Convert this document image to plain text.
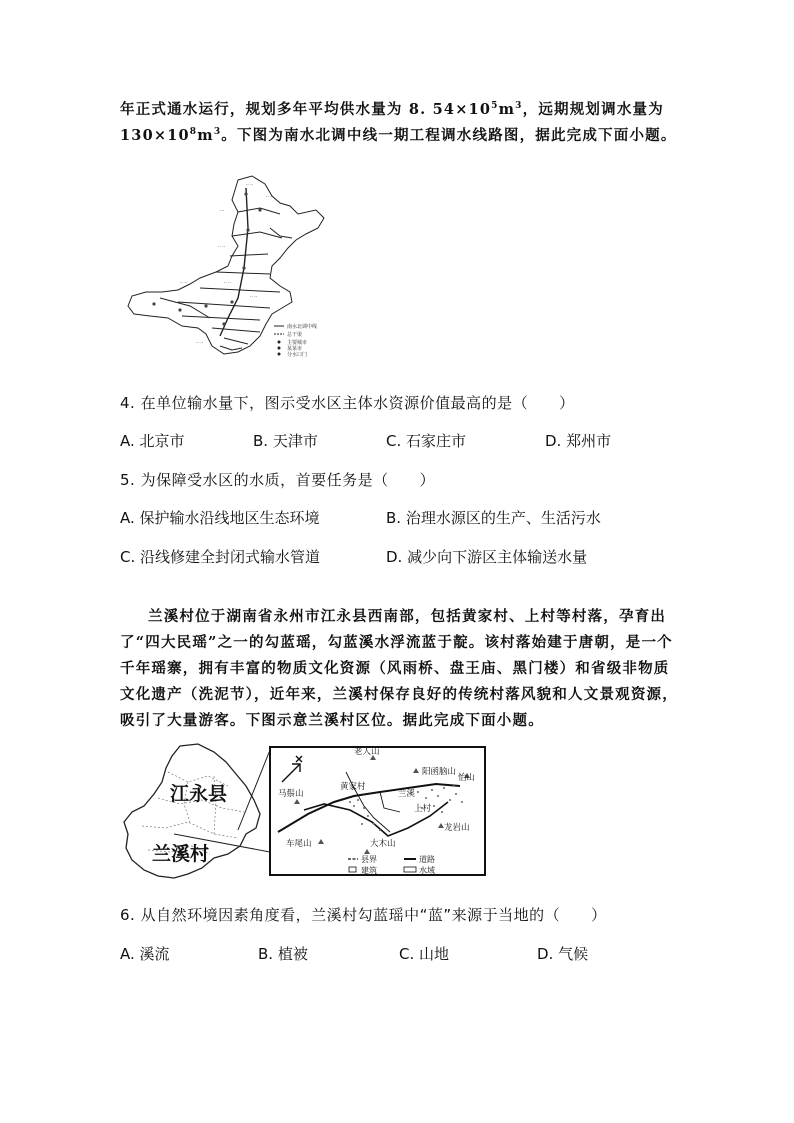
年正式通水运行，规划多年平均供水量为 8. $54\times 10^5m^3$，远期规划调水量为
$130\times 10^8m^3$。下图为南水北调中线一期工程调水线路图，据此完成下面小题。
·· ··
·· ··
···
·· ··
·· ··
·· ··
·· ··
·· ··
南水北调中线
总干渠
主要城市
某某市
分水口门
4. 在单位输水量下，图示受水区主体水资源价值最高的是（　　）
A. 北京市	B. 天津市	C. 石家庄市	D. 郑州市
5. 为保障受水区的水质，首要任务是（　　）
A. 保护输水沿线地区生态环境	B. 治理水源区的生产、生活污水
C. 沿线修建全封闭式输水管道	D. 减少向下游区主体输送水量
兰溪村位于湖南省永州市江永县西南部，包括黄家村、上村等村落，孕育出
了“四大民瑶”之一的勾蓝瑶，勾蓝溪水浮流蓝于靛。该村落始建于唐朝，是一个
千年瑶寨，拥有丰富的物质文化资源（风雨桥、盘王庙、黑门楼）和省级非物质
文化遗产（洗泥节），近年来，兰溪村保存良好的传统村落风貌和人文景观资源，
吸引了大量游客。下图示意兰溪村区位。据此完成下面小题。
江永县
兰溪村
老人山
阳函脑山
怡山
马鬃山
黄家村
兰溪
上村
龙岩山
车尾山	大木山
县界	道路
建筑	水域
6. 从自然环境因素角度看，兰溪村勾蓝瑶中“蓝”来源于当地的（　　）
A. 溪流	B. 植被	C. 山地	D. 气候
